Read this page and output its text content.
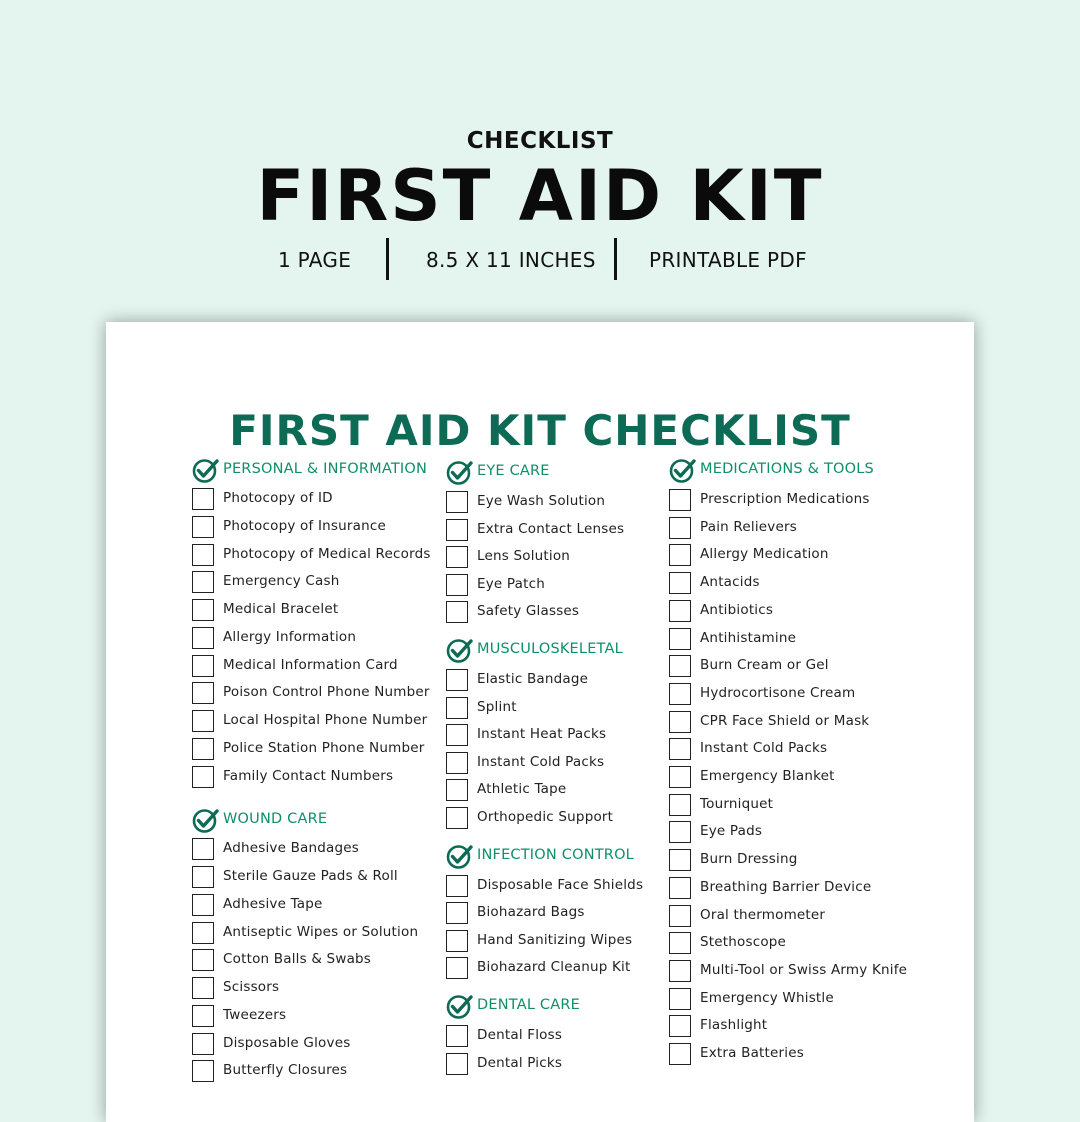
CHECKLIST
FIRST AID KIT
1 PAGE	8.5 X 11 INCHES	PRINTABLE PDF
FIRST AID KIT CHECKLIST
PERSONAL & INFORMATION
Photocopy of ID
Photocopy of Insurance
Photocopy of Medical Records
Emergency Cash
Medical Bracelet
Allergy Information
Medical Information Card
Poison Control Phone Number
Local Hospital Phone Number
Police Station Phone Number
Family Contact Numbers
WOUND CARE
Adhesive Bandages
Sterile Gauze Pads & Roll
Adhesive Tape
Antiseptic Wipes or Solution
Cotton Balls & Swabs
Scissors
Tweezers
Disposable Gloves
Butterfly Closures
EYE CARE
Eye Wash Solution
Extra Contact Lenses
Lens Solution
Eye Patch
Safety Glasses
MUSCULOSKELETAL
Elastic Bandage
Splint
Instant Heat Packs
Instant Cold Packs
Athletic Tape
Orthopedic Support
INFECTION CONTROL
Disposable Face Shields
Biohazard Bags
Hand Sanitizing Wipes
Biohazard Cleanup Kit
DENTAL CARE
Dental Floss
Dental Picks
MEDICATIONS & TOOLS
Prescription Medications
Pain Relievers
Allergy Medication
Antacids
Antibiotics
Antihistamine
Burn Cream or Gel
Hydrocortisone Cream
CPR Face Shield or Mask
Instant Cold Packs
Emergency Blanket
Tourniquet
Eye Pads
Burn Dressing
Breathing Barrier Device
Oral thermometer
Stethoscope
Multi-Tool or Swiss Army Knife
Emergency Whistle
Flashlight
Extra Batteries
